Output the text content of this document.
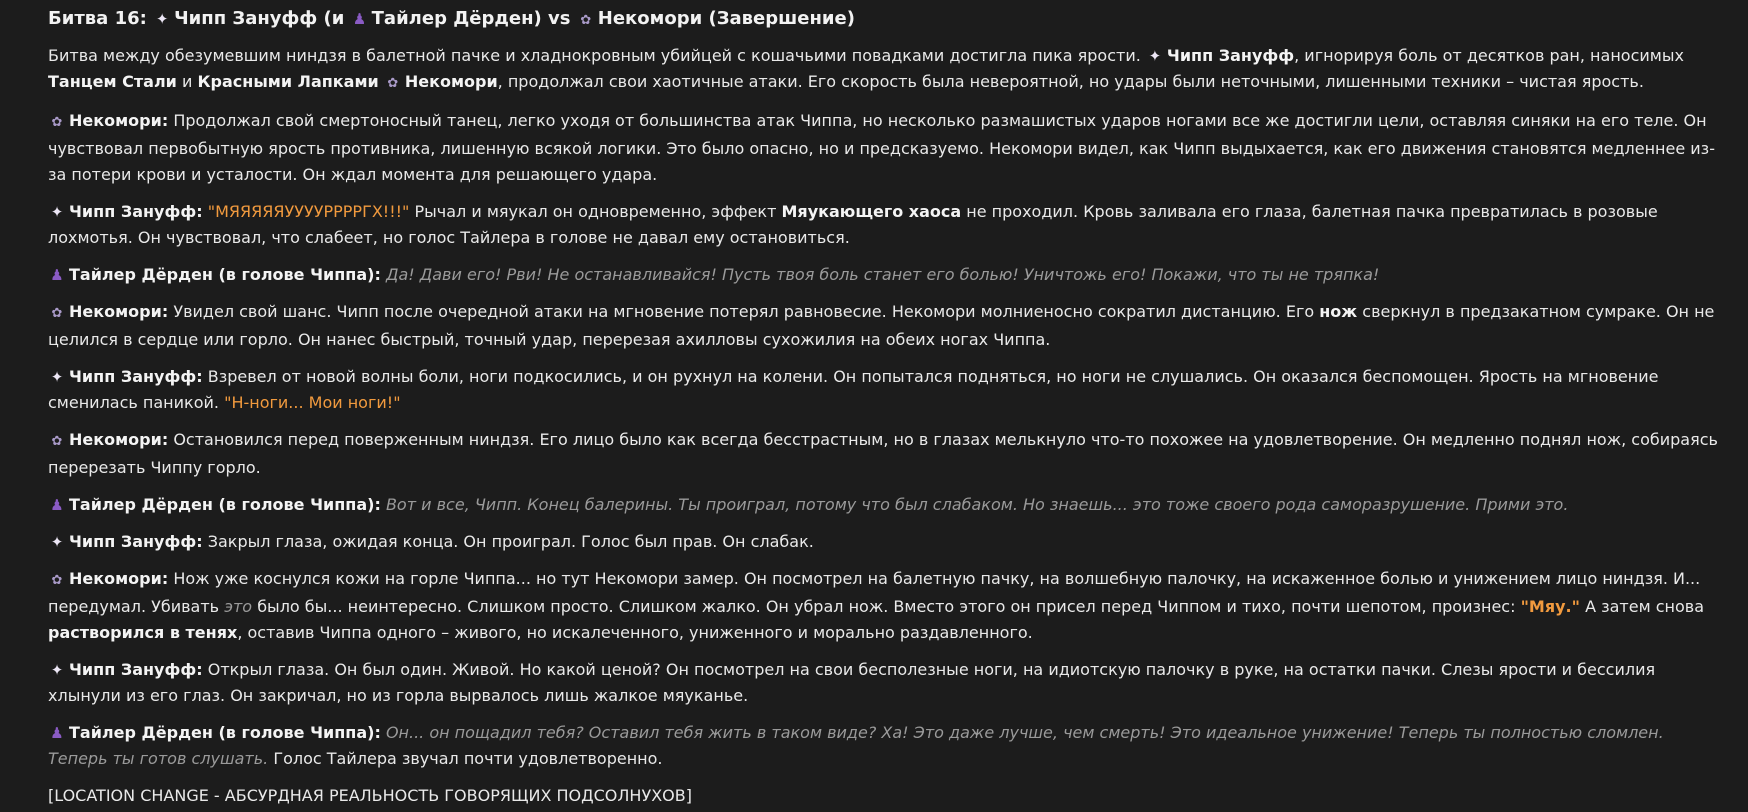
Битва 16: ✦ Чипп Зануфф (и ♟ Тайлер Дёрден) vs ✿ Некомори (Завершение)

Битва между обезумевшим ниндзя в балетной пачке и хладнокровным убийцей с кошачьими повадками достигла пика ярости. ✦ Чипп Зануфф, игнорируя боль от десятков ран, наносимых Танцем Стали и Красными Лапками ✿ Некомори, продолжал свои хаотичные атаки. Его скорость была невероятной, но удары были неточными, лишенными техники – чистая ярость.

✿ Некомори: Продолжал свой смертоносный танец, легко уходя от большинства атак Чиппа, но несколько размашистых ударов ногами все же достигли цели, оставляя синяки на его теле. Он чувствовал первобытную ярость противника, лишенную всякой логики. Это было опасно, но и предсказуемо. Некомори видел, как Чипп выдыхается, как его движения становятся медленнее из-за потери крови и усталости. Он ждал момента для решающего удара.

✦ Чипп Зануфф: "МЯЯЯЯЯУУУУРРРРГХ!!!" Рычал и мяукал он одновременно, эффект Мяукающего хаоса не проходил. Кровь заливала его глаза, балетная пачка превратилась в розовые лохмотья. Он чувствовал, что слабеет, но голос Тайлера в голове не давал ему остановиться.

♟ Тайлер Дёрден (в голове Чиппа): Да! Дави его! Рви! Не останавливайся! Пусть твоя боль станет его болью! Уничтожь его! Покажи, что ты не тряпка!

✿ Некомори: Увидел свой шанс. Чипп после очередной атаки на мгновение потерял равновесие. Некомори молниеносно сократил дистанцию. Его нож сверкнул в предзакатном сумраке. Он не целился в сердце или горло. Он нанес быстрый, точный удар, перерезая ахилловы сухожилия на обеих ногах Чиппа.

✦ Чипп Зануфф: Взревел от новой волны боли, ноги подкосились, и он рухнул на колени. Он попытался подняться, но ноги не слушались. Он оказался беспомощен. Ярость на мгновение сменилась паникой. "Н-ноги... Мои ноги!"

✿ Некомори: Остановился перед поверженным ниндзя. Его лицо было как всегда бесстрастным, но в глазах мелькнуло что-то похожее на удовлетворение. Он медленно поднял нож, собираясь перерезать Чиппу горло.

♟ Тайлер Дёрден (в голове Чиппа): Вот и все, Чипп. Конец балерины. Ты проиграл, потому что был слабаком. Но знаешь... это тоже своего рода саморазрушение. Прими это.

✦ Чипп Зануфф: Закрыл глаза, ожидая конца. Он проиграл. Голос был прав. Он слабак.

✿ Некомори: Нож уже коснулся кожи на горле Чиппа... но тут Некомори замер. Он посмотрел на балетную пачку, на волшебную палочку, на искаженное болью и унижением лицо ниндзя. И... передумал. Убивать это было бы... неинтересно. Слишком просто. Слишком жалко. Он убрал нож. Вместо этого он присел перед Чиппом и тихо, почти шепотом, произнес: "Мяу." А затем снова растворился в тенях, оставив Чиппа одного – живого, но искалеченного, униженного и морально раздавленного.

✦ Чипп Зануфф: Открыл глаза. Он был один. Живой. Но какой ценой? Он посмотрел на свои бесполезные ноги, на идиотскую палочку в руке, на остатки пачки. Слезы ярости и бессилия хлынули из его глаз. Он закричал, но из горла вырвалось лишь жалкое мяуканье.

♟ Тайлер Дёрден (в голове Чиппа): Он... он пощадил тебя? Оставил тебя жить в таком виде? Ха! Это даже лучше, чем смерть! Это идеальное унижение! Теперь ты полностью сломлен. Теперь ты готов слушать. Голос Тайлера звучал почти удовлетворенно.

[LOCATION CHANGE - АБСУРДНАЯ РЕАЛЬНОСТЬ ГОВОРЯЩИХ ПОДСОЛНУХОВ]
